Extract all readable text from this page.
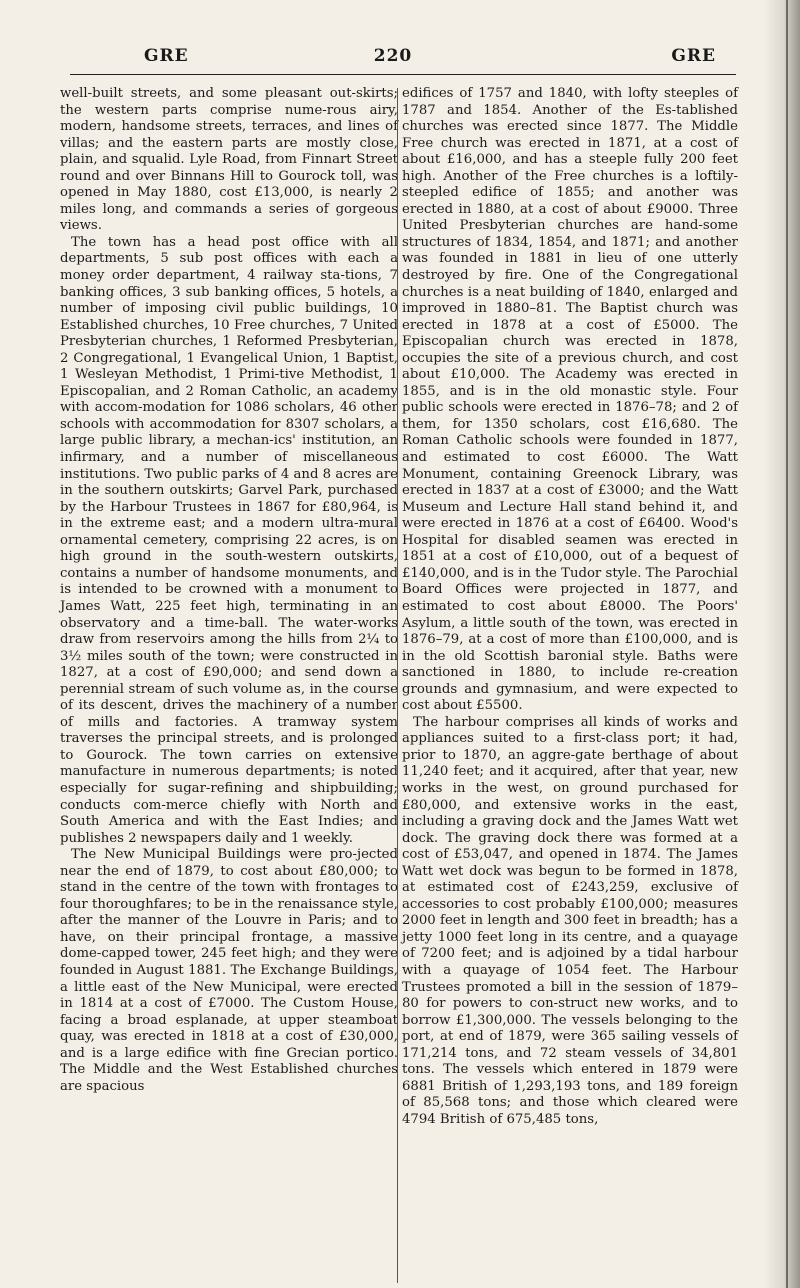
GRE	220	GRE

well-built streets, and some pleasant out-skirts; the western parts comprise nume-rous airy, modern, handsome streets, terraces, and lines of villas; and the eastern parts are mostly close, plain, and squalid. Lyle Road, from Finnart Street round and over Binnans Hill to Gourock toll, was opened in May 1880, cost £13,000, is nearly 2 miles long, and commands a series of gorgeous views.

The town has a head post office with all departments, 5 sub post offices with each a money order department, 4 railway sta-tions, 7 banking offices, 3 sub banking offices, 5 hotels, a number of imposing civil public buildings, 10 Established churches, 10 Free churches, 7 United Presbyterian churches, 1 Reformed Presbyterian, 2 Congregational, 1 Evangelical Union, 1 Baptist, 1 Wesleyan Methodist, 1 Primi-tive Methodist, 1 Episcopalian, and 2 Roman Catholic, an academy with accom-modation for 1086 scholars, 46 other schools with accommodation for 8307 scholars, a large public library, a mechan-ics' institution, an infirmary, and a number of miscellaneous institutions. Two public parks of 4 and 8 acres are in the southern outskirts; Garvel Park, purchased by the Harbour Trustees in 1867 for £80,964, is in the extreme east; and a modern ultra-mural ornamental cemetery, comprising 22 acres, is on high ground in the south-western outskirts, contains a number of handsome monuments, and is intended to be crowned with a monument to James Watt, 225 feet high, terminating in an observatory and a time-ball. The water-works draw from reservoirs among the hills from 2¼ to 3½ miles south of the town; were constructed in 1827, at a cost of £90,000; and send down a perennial stream of such volume as, in the course of its descent, drives the machinery of a number of mills and factories. A tramway system traverses the principal streets, and is prolonged to Gourock. The town carries on extensive manufacture in numerous departments; is noted especially for sugar-refining and shipbuilding; conducts com-merce chiefly with North and South America and with the East Indies; and publishes 2 newspapers daily and 1 weekly.

The New Municipal Buildings were pro-jected near the end of 1879, to cost about £80,000; to stand in the centre of the town with frontages to four thoroughfares; to be in the renaissance style, after the manner of the Louvre in Paris; and to have, on their principal frontage, a massive dome-capped tower, 245 feet high; and they were founded in August 1881. The Exchange Buildings, a little east of the New Municipal, were erected in 1814 at a cost of £7000. The Custom House, facing a broad esplanade, at upper steamboat quay, was erected in 1818 at a cost of £30,000, and is a large edifice with fine Grecian portico. The Middle and the West Established churches are spacious

edifices of 1757 and 1840, with lofty steeples of 1787 and 1854. Another of the Es-tablished churches was erected since 1877. The Middle Free church was erected in 1871, at a cost of about £16,000, and has a steeple fully 200 feet high. Another of the Free churches is a loftily-steepled edifice of 1855; and another was erected in 1880, at a cost of about £9000. Three United Presbyterian churches are hand-some structures of 1834, 1854, and 1871; and another was founded in 1881 in lieu of one utterly destroyed by fire. One of the Congregational churches is a neat building of 1840, enlarged and improved in 1880–81. The Baptist church was erected in 1878 at a cost of £5000. The Episcopalian church was erected in 1878, occupies the site of a previous church, and cost about £10,000. The Academy was erected in 1855, and is in the old monastic style. Four public schools were erected in 1876–78; and 2 of them, for 1350 scholars, cost £16,680. The Roman Catholic schools were founded in 1877, and estimated to cost £6000. The Watt Monument, containing Greenock Library, was erected in 1837 at a cost of £3000; and the Watt Museum and Lecture Hall stand behind it, and were erected in 1876 at a cost of £6400. Wood's Hospital for disabled seamen was erected in 1851 at a cost of £10,000, out of a bequest of £140,000, and is in the Tudor style. The Parochial Board Offices were projected in 1877, and estimated to cost about £8000. The Poors' Asylum, a little south of the town, was erected in 1876–79, at a cost of more than £100,000, and is in the old Scottish baronial style. Baths were sanctioned in 1880, to include re-creation grounds and gymnasium, and were expected to cost about £5500.

The harbour comprises all kinds of works and appliances suited to a first-class port; it had, prior to 1870, an aggre-gate berthage of about 11,240 feet; and it acquired, after that year, new works in the west, on ground purchased for £80,000, and extensive works in the east, including a graving dock and the James Watt wet dock. The graving dock there was formed at a cost of £53,047, and opened in 1874. The James Watt wet dock was begun to be formed in 1878, at estimated cost of £243,259, exclusive of accessories to cost probably £100,000; measures 2000 feet in length and 300 feet in breadth; has a jetty 1000 feet long in its centre, and a quayage of 7200 feet; and is adjoined by a tidal harbour with a quayage of 1054 feet. The Harbour Trustees promoted a bill in the session of 1879–80 for powers to con-struct new works, and to borrow £1,300,000. The vessels belonging to the port, at end of 1879, were 365 sailing vessels of 171,214 tons, and 72 steam vessels of 34,801 tons. The vessels which entered in 1879 were 6881 British of 1,293,193 tons, and 189 foreign of 85,568 tons; and those which cleared were 4794 British of 675,485 tons,
